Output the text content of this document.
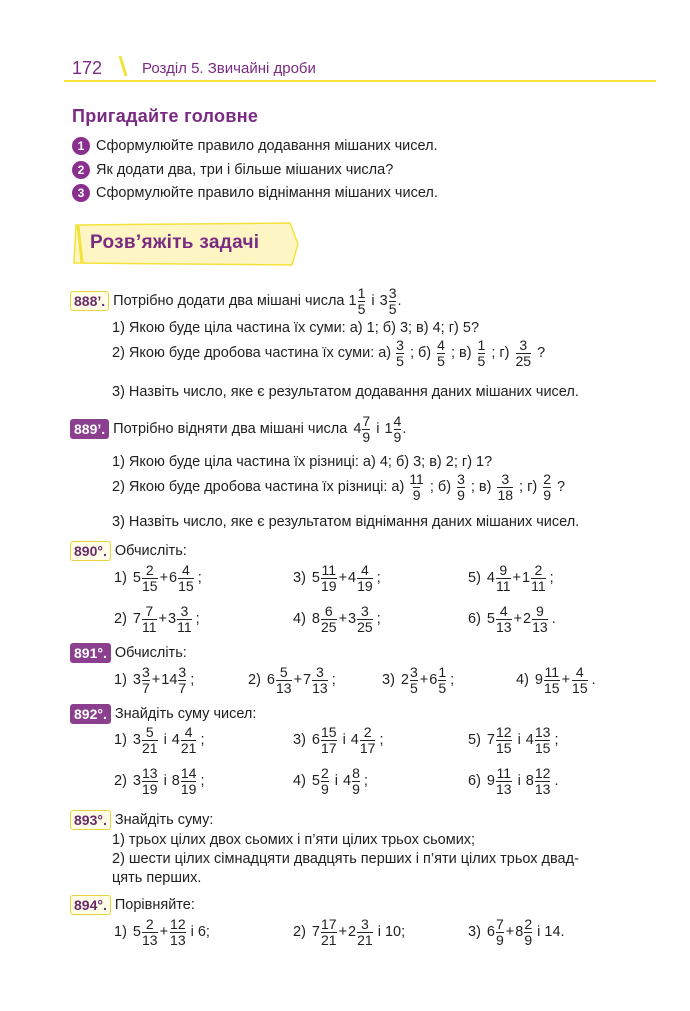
172	Розділ 5. Звичайні дроби
Пригадайте головне
1 Сформулюйте правило додавання мішаних чисел.
2 Як додати два, три і більше мішаних числа?
3 Сформулюйте правило віднімання мішаних чисел.
Розв’яжіть задачі
888’. Потрібно додати два мішані числа $1 \frac{1}{5}$ і $3 \frac{3}{5}$ .
1) Якою буде ціла частина їх суми: а) 1; б) 3; в) 4; г) 5?
2) Якою буде дробова частина їх суми: $а) \frac{3}{5}$ ; $б) \frac{4}{5}$ ; $в) \frac{1}{5}$ ; $г) \frac{3}{25}$ ?
3) Назвіть число, яке є результатом додавання даних мішаних чисел.
889’. Потрібно відняти два мішані числа $4 \frac{7}{9}$ і $1 \frac{4}{9}$ .
1) Якою буде ціла частина їх різниці: а) 4; б) 3; в) 2; г) 1?
2) Якою буде дробова частина їх різниці: $а) \frac{11}{9}$ ; $б) \frac{3}{9}$ ; $в) \frac{3}{18}$ ; $г) \frac{2}{9}$ ?
3) Назвіть число, яке є результатом віднімання даних мішаних чисел.
890°. Обчисліть:
891°. Обчисліть:
892°. Знайдіть суму чисел:
893°. Знайдіть суму:
1) трьох цілих двох сьомих і п’яти цілих трьох сьомих;
2) шести цілих сімнадцяти двадцять перших і п’яти цілих трьох двад-
цять перших.
894°. Порівняйте:
1) $5 \frac{2}{15} + 6 \frac{4}{15}$ ;	3) $5 \frac{11}{19} + 4 \frac{4}{19}$ ;	5) $4 \frac{9}{11} + 1 \frac{2}{11}$ ;
2) $7 \frac{7}{11} + 3 \frac{3}{11}$ ;	4) $8 \frac{6}{25} + 3 \frac{3}{25}$ ;	6) $5 \frac{4}{13} + 2 \frac{9}{13}$ .
1) $3 \frac{3}{7} + 14 \frac{3}{7}$ ;	2) $6 \frac{5}{13} + 7 \frac{3}{13}$ ;	3) $2 \frac{3}{5} + 6 \frac{1}{5}$ ;	4) $9 \frac{11}{15} + \frac{4}{15}$ .
1) $3 \frac{5}{21}$ і $4 \frac{4}{21}$ ;	3) $6 \frac{15}{17}$ і $4 \frac{2}{17}$ ;	5) $7 \frac{12}{15}$ і $4 \frac{13}{15}$ ;
2) $3 \frac{13}{19}$ і $8 \frac{14}{19}$ ;	4) $5 \frac{2}{9}$ і $4 \frac{8}{9}$ ;	6) $9 \frac{11}{13}$ і $8 \frac{12}{13}$ .
1) $5 \frac{2}{13} + \frac{12}{13}$ і 6;	2) $7 \frac{17}{21} + 2 \frac{3}{21}$ і 10;	3) $6 \frac{7}{9} + 8 \frac{2}{9}$ і 14.
